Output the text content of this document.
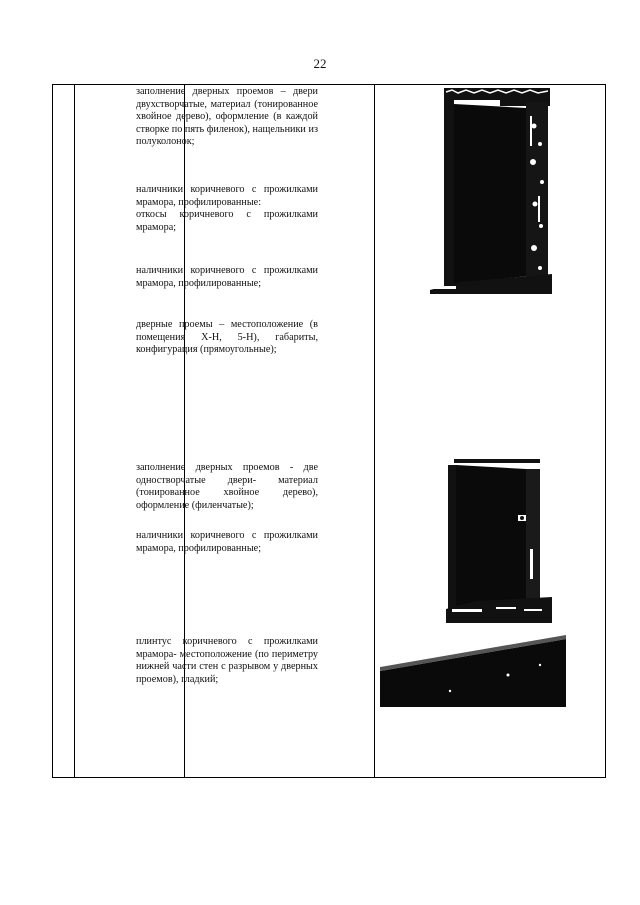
22

заполнение дверных проемов – двери двухстворчатые, материал (тонированное хвойное дерево), оформление (в каждой створке по пять филенок), нащельники из полуколонок;

наличники коричневого с прожилками мрамора, профилированные:

откосы коричневого с прожилками мрамора;

наличники коричневого с прожилками мрамора, профилированные;

дверные проемы – местоположение (в помещения Х-Н, 5-Н), габариты, конфигурация (прямоугольные);

заполнение дверных проемов - две одностворчатые двери- материал (тонированное хвойное дерево), оформление (филенчатые);

наличники коричневого с прожилками мрамора, профилированные;

плинтус коричневого с прожилками мрамора- местоположение (по периметру нижней части стен с разрывом у дверных проемов), гладкий;
